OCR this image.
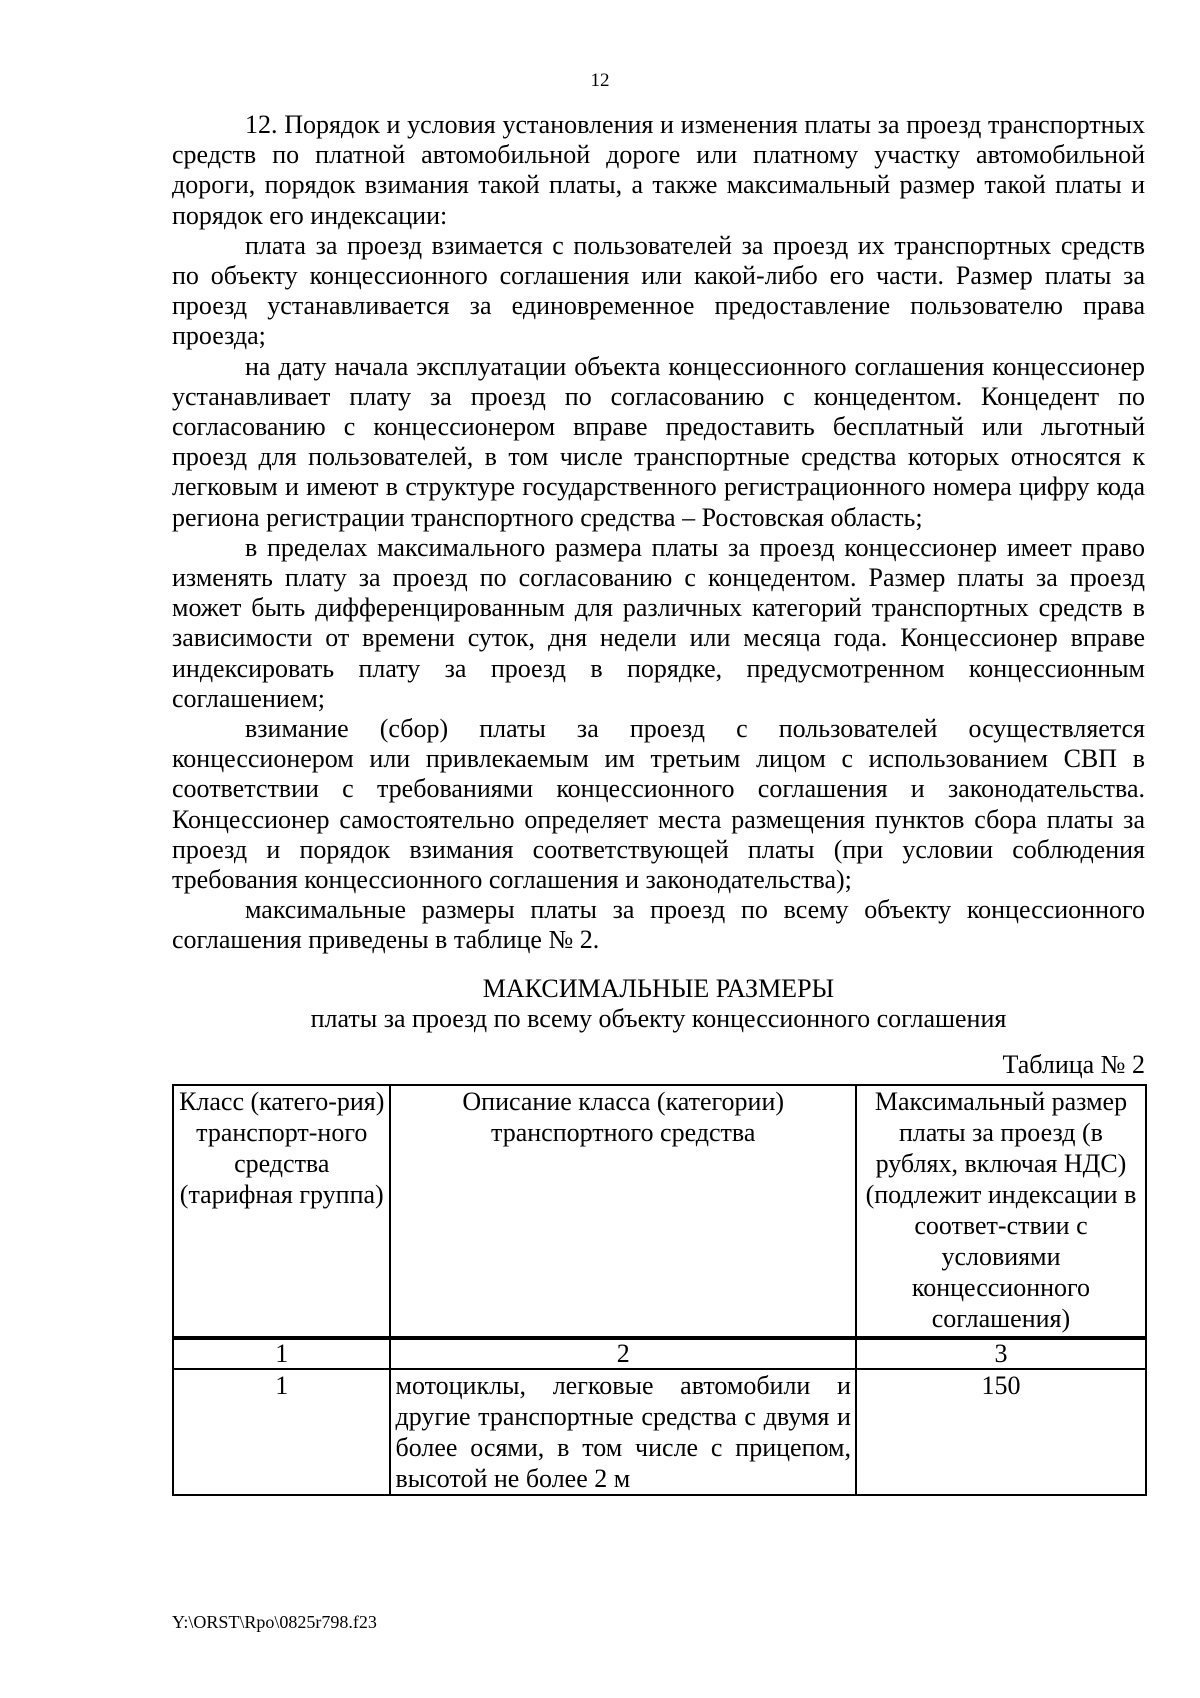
12

12. Порядок и условия установления и изменения платы за проезд транспортных средств по платной автомобильной дороге или платному участку автомобильной дороги, порядок взимания такой платы, а также максимальный размер такой платы и порядок его индексации:

плата за проезд взимается с пользователей за проезд их транспортных средств по объекту концессионного соглашения или какой-либо его части. Размер платы за проезд устанавливается за единовременное предоставление пользователю права проезда;

на дату начала эксплуатации объекта концессионного соглашения концессионер устанавливает плату за проезд по согласованию с концедентом. Концедент по согласованию с концессионером вправе предоставить бесплатный или льготный проезд для пользователей, в том числе транспортные средства которых относятся к легковым и имеют в структуре государственного регистрационного номера цифру кода региона регистрации транспортного средства – Ростовская область;

в пределах максимального размера платы за проезд концессионер имеет право изменять плату за проезд по согласованию с концедентом. Размер платы за проезд может быть дифференцированным для различных категорий транспортных средств в зависимости от времени суток, дня недели или месяца года. Концессионер вправе индексировать плату за проезд в порядке, предусмотренном концессионным соглашением;

взимание (сбор) платы за проезд с пользователей осуществляется концессионером или привлекаемым им третьим лицом с использованием СВП в соответствии с требованиями концессионного соглашения и законодательства. Концессионер самостоятельно определяет места размещения пунктов сбора платы за проезд и порядок взимания соответствующей платы (при условии соблюдения требования концессионного соглашения и законодательства);

максимальные размеры платы за проезд по всему объекту концессионного соглашения приведены в таблице № 2.

МАКСИМАЛЬНЫЕ РАЗМЕРЫ
платы за проезд по всему объекту концессионного соглашения
Таблица № 2
Класс (катего-рия) транспорт-ного средства (тарифная группа)	Описание класса (категории) транспортного средства	Максимальный размер платы за проезд (в рублях, включая НДС) (подлежит индексации в соответ-ствии с условиями концессионного соглашения)
1	2	3
1	мотоциклы, легковые автомобили и другие транспортные средства с двумя и более осями, в том числе с прицепом, высотой не более 2 м	150
Y:\ORST\Rpo\0825r798.f23
